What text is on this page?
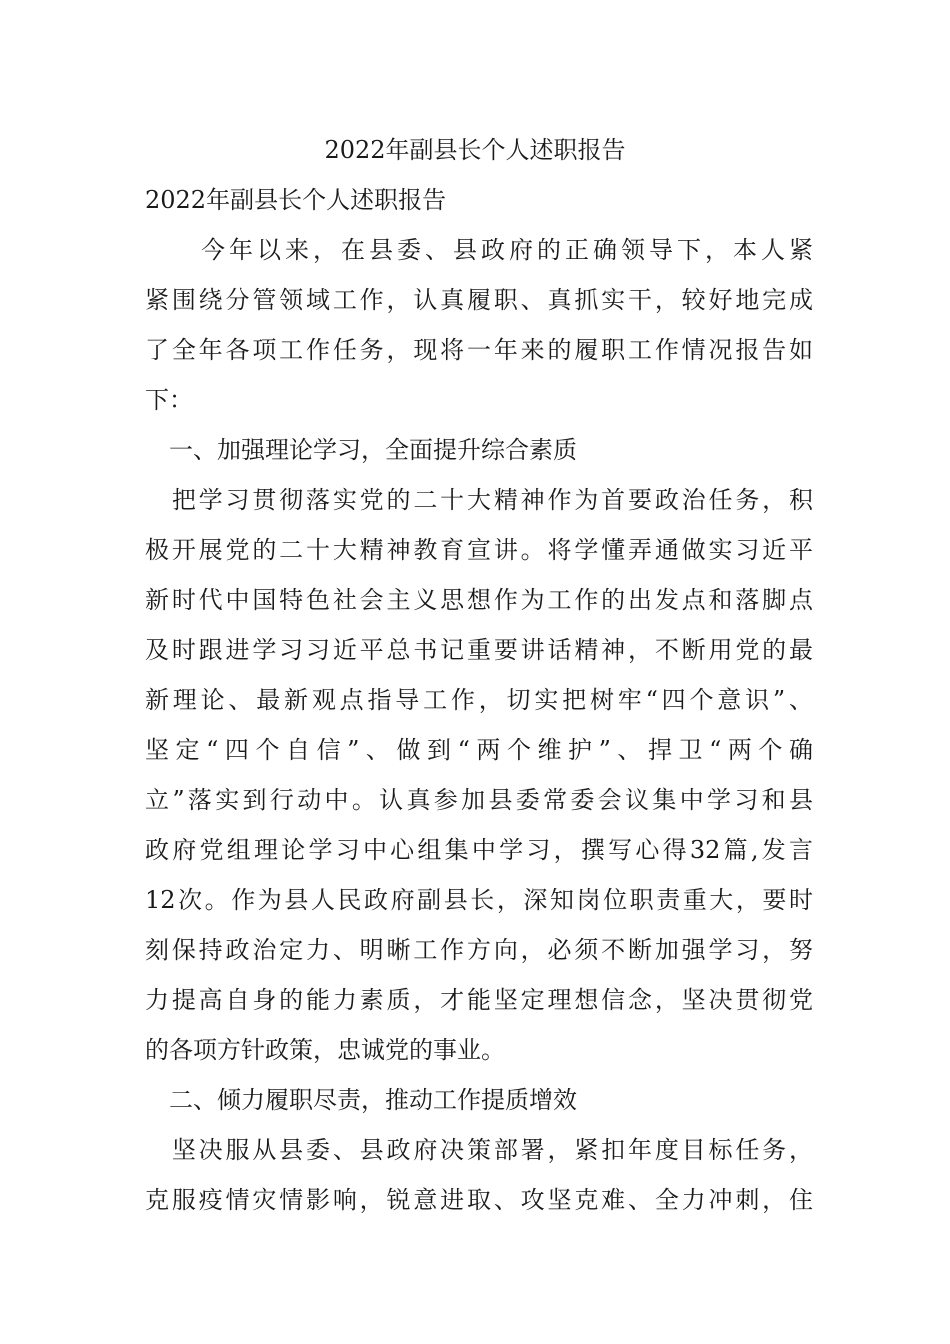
2022年副县长个人述职报告
2022年副县长个人述职报告
　　今年以来，在县委、县政府的正确领导下，本人紧
紧围绕分管领域工作，认真履职、真抓实干，较好地完成
了全年各项工作任务，现将一年来的履职工作情况报告如
下：
　一、加强理论学习，全面提升综合素质
　把学习贯彻落实党的二十大精神作为首要政治任务，积
极开展党的二十大精神教育宣讲。将学懂弄通做实习近平
新时代中国特色社会主义思想作为工作的出发点和落脚点
及时跟进学习习近平总书记重要讲话精神，不断用党的最
新理论、最新观点指导工作，切实把树牢“四个意识”、
坚定“四个自信”、做到“两个维护”、捍卫“两个确
立”落实到行动中。认真参加县委常委会议集中学习和县
政府党组理论学习中心组集中学习，撰写心得32篇,发言
12次。作为县人民政府副县长，深知岗位职责重大，要时
刻保持政治定力、明晰工作方向，必须不断加强学习，努
力提高自身的能力素质，才能坚定理想信念，坚决贯彻党
的各项方针政策，忠诚党的事业。
　二、倾力履职尽责，推动工作提质增效
　坚决服从县委、县政府决策部署，紧扣年度目标任务，
克服疫情灾情影响，锐意进取、攻坚克难、全力冲刺，住
